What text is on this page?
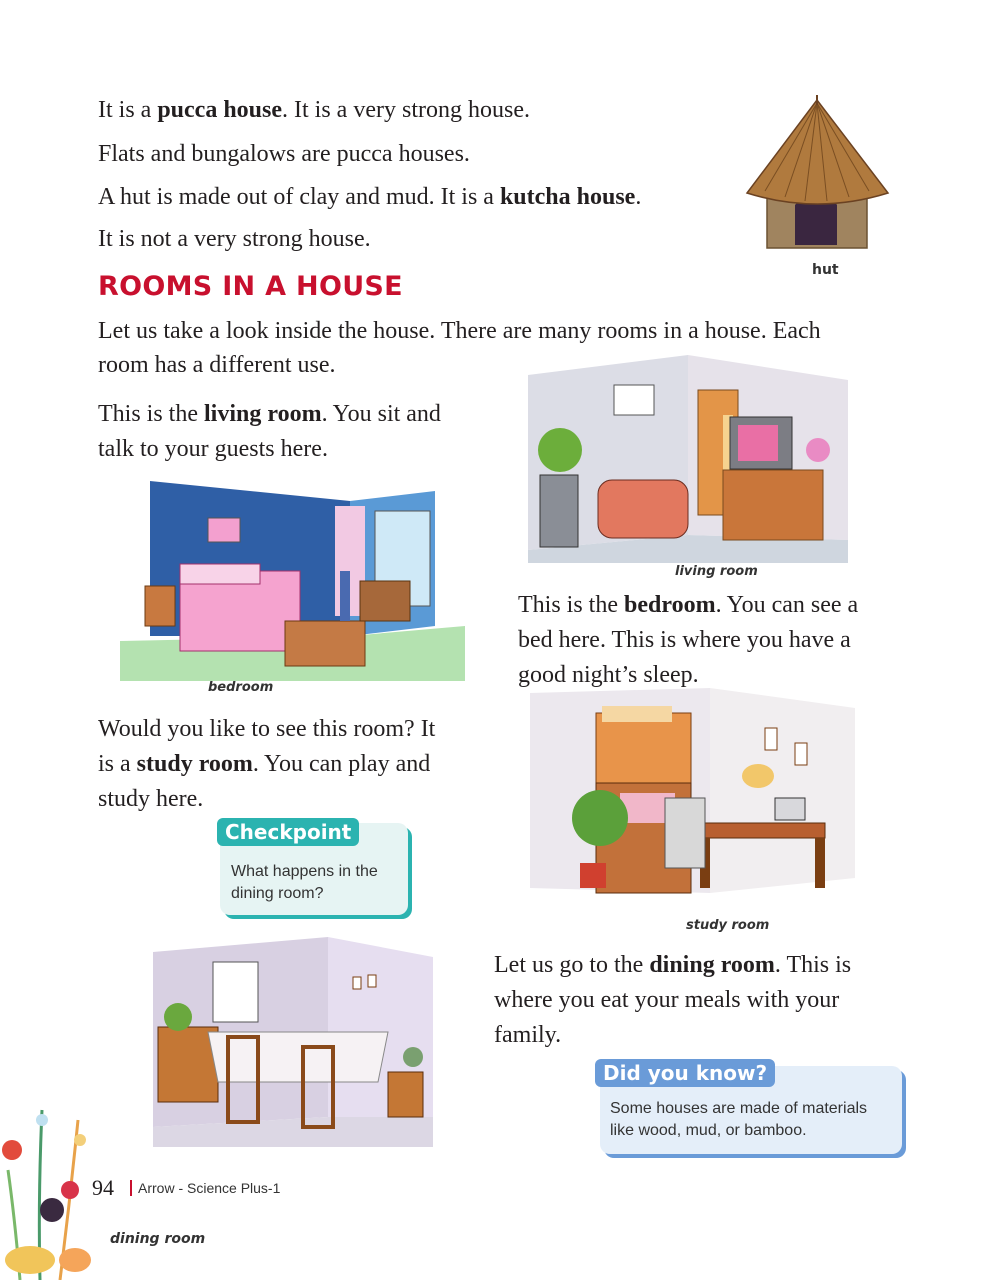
It is a pucca house. It is a very strong house.
Flats and bungalows are pucca houses.
A hut is made out of clay and mud. It is a kutcha house.
It is not a very strong house.
hut
ROOMS IN A HOUSE
Let us take a look inside the house. There are many rooms in a house. Each
room has a different use.
This is the living room. You sit and
talk to your guests here.
living room
bedroom
This is the bedroom. You can see a
bed here. This is where you have a
good night’s sleep.
Would you like to see this room? It
is a study room. You can play and
study here.
study room
What happens in the
dining room?
Checkpoint
Let us go to the dining room. This is
where you eat your meals with your
family.
Some houses are made of materials
like wood, mud, or bamboo.
Did you know?
94	Arrow - Science Plus-1
dining room
